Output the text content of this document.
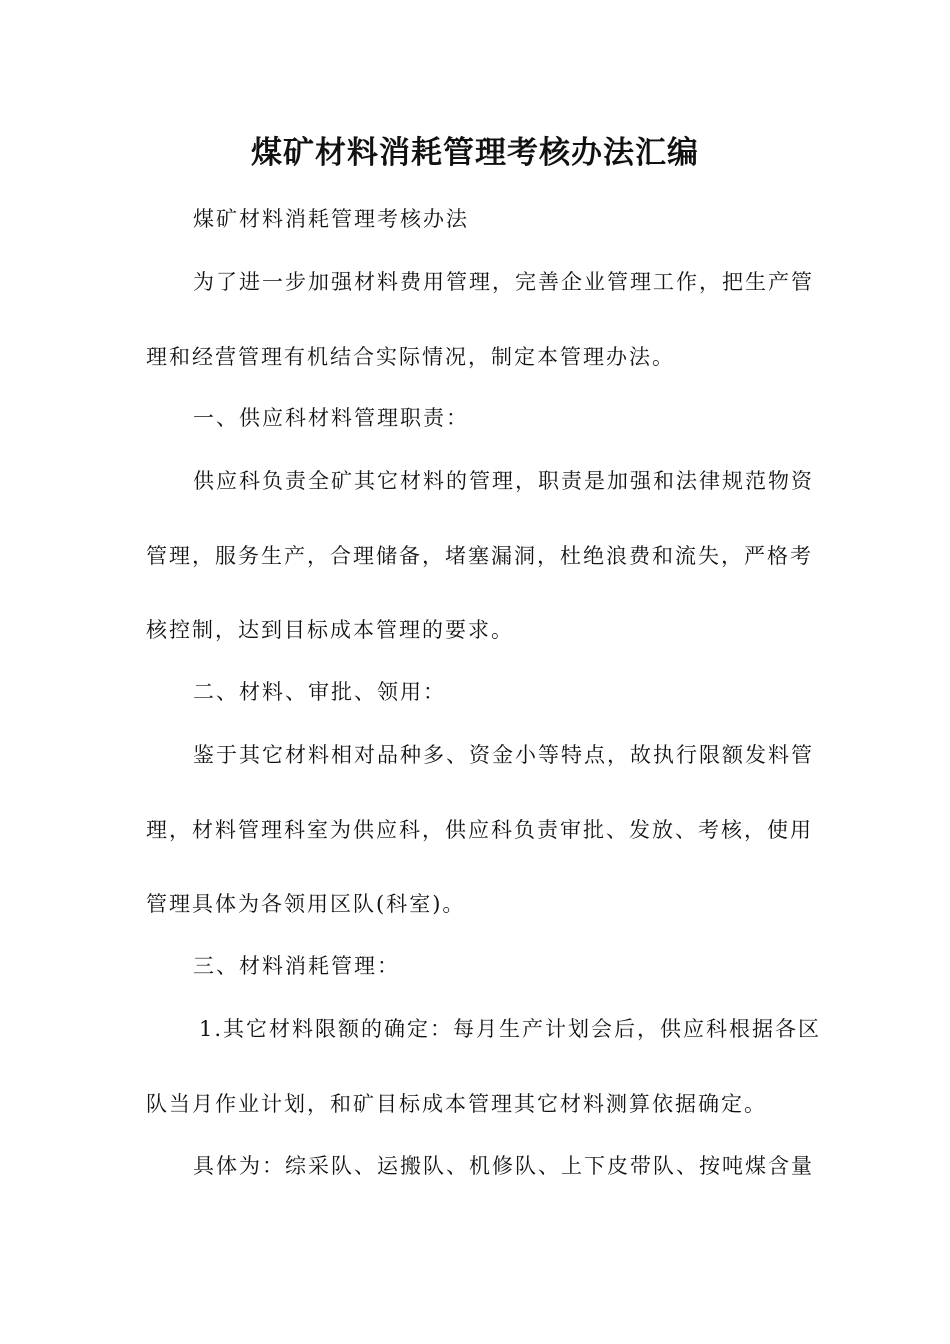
煤矿材料消耗管理考核办法汇编
煤矿材料消耗管理考核办法
为了进一步加强材料费用管理，完善企业管理工作，把生产管
理和经营管理有机结合实际情况，制定本管理办法。
一、供应科材料管理职责：
供应科负责全矿其它材料的管理，职责是加强和法律规范物资
管理，服务生产，合理储备，堵塞漏洞，杜绝浪费和流失，严格考
核控制，达到目标成本管理的要求。
二、材料、审批、领用：
鉴于其它材料相对品种多、资金小等特点，故执行限额发料管
理，材料管理科室为供应科，供应科负责审批、发放、考核，使用
管理具体为各领用区队(科室)。
三、材料消耗管理：
1.其它材料限额的确定：每月生产计划会后，供应科根据各区
队当月作业计划，和矿目标成本管理其它材料测算依据确定。
具体为：综采队、运搬队、机修队、上下皮带队、按吨煤含量
